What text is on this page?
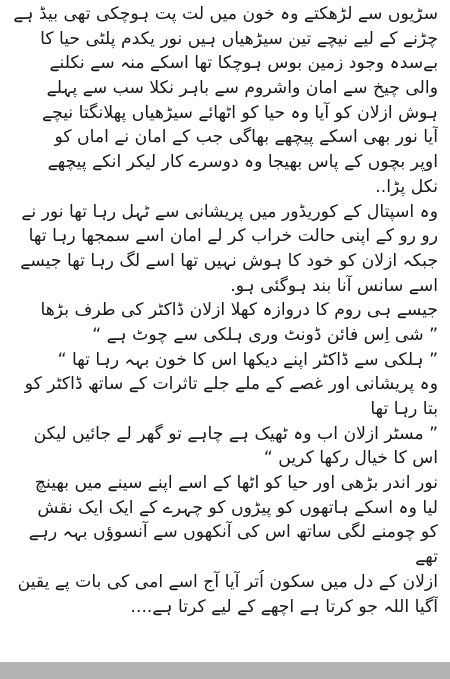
سڑیوں سے لڑھکتے وہ خون میں لت پت ہوچکی تھی بیڈ ہے
چڑنے کے لیے نیچے تین سیڑھیاں ہیں نور یکدم پلٹی حیا کا
بےسدہ وجود زمین بوس ہوچکا تھا اسکے منہ سے نکلنے
والی چیخ سے امان واشروم سے باہر نکلا سب سے پہلے
ہوش ازلان کو آیا وہ حیا کو اٹھائے سیڑھیاں پھلانگتا نیچے
آیا نور بھی اسکے پیچھے بھاگی جب کے امان نے اماں کو
اوپر بچوں کے پاس بھیجا وہ دوسرے کار لیکر انکے پیچھے
نکل پڑا..
وہ اسپتال کے کوریڈور میں پریشانی سے ٹہل رہا تھا نور نے
رو رو کے اپنی حالت خراب کر لے امان اسے سمجھا رہا تھا
جبکہ ازلان کو خود کا ہوش نہیں تھا اسے لگ رہا تھا جیسے
اسے سانس آنا بند ہوگئی ہو.
جیسے ہی روم کا دروازہ کھلا ازلان ڈاکٹر کی طرف بڑھا
” شی اِس فائن ڈونٹ وری ہلکی سے چوٹ ہے “
” ہلکی سے ڈاکٹر اپنے دیکھا اس کا خون بہہ رہا تھا “
وہ پریشانی اور غصے کے ملے جلے تاثرات کے ساتھ ڈاکٹر کو
بتا رہا تھا
” مسٹر ازلان اب وہ ٹھیک ہے چاہے تو گھر لے جائیں لیکن
اس کا خیال رکھا کریں “
نور اندر بڑھی اور حیا کو اٹھا کے اسے اپنے سینے میں بھینچ
لیا وہ اسکے ہاتھوں کو پیڑوں کو چہرے کے ایک ایک نقش
کو چومنے لگی ساتھ اس کی آنکھوں سے آنسوؤں بہہ رہے
تھے
ازلان کے دل میں سکون اُتر آیا آج اسے امی کی بات پے یقین
آگیا اللہ جو کرتا ہے اچھے کے لیے کرتا ہے....
